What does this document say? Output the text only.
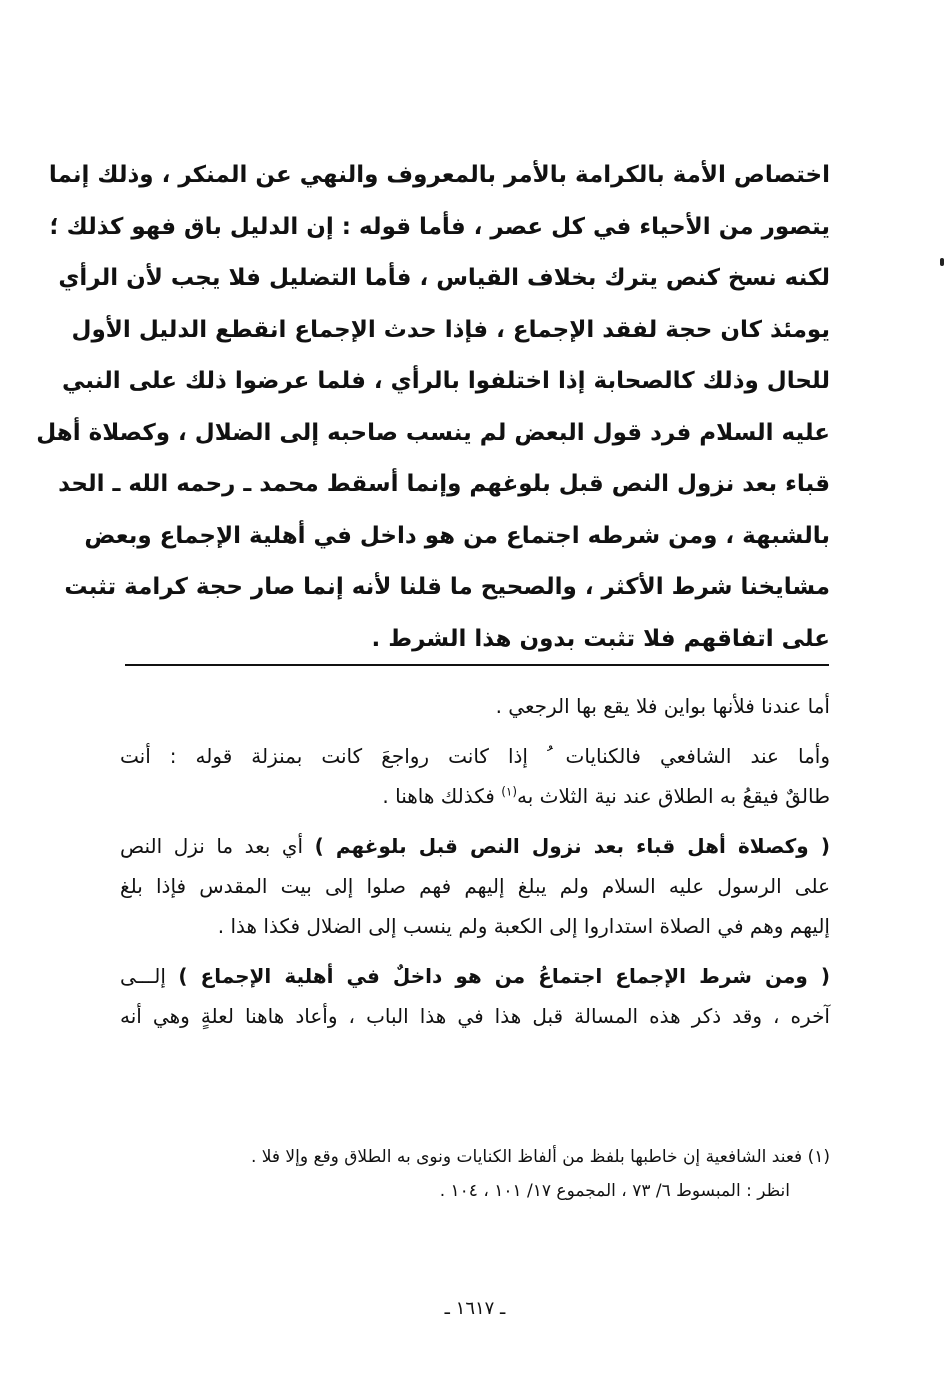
اختصاص الأمة بالكرامة بالأمر بالمعروف والنهي عن المنكر ، وذلك إنما
يتصور من الأحياء في كل عصر ، فأما قوله : إن الدليل باق فهو كذلك ؛
لكنه نسخ كنص يترك بخلاف القياس ، فأما التضليل فلا يجب لأن الرأي
يومئذ كان حجة لفقد الإجماع ، فإذا حدث الإجماع انقطع الدليل الأول
للحال وذلك كالصحابة إذا اختلفوا بالرأي ، فلما عرضوا ذلك على النبي
عليه السلام فرد قول البعض لم ينسب صاحبه إلى الضلال ، وكصلاة أهل
قباء بعد نزول النص قبل بلوغهم وإنما أسقط محمد ـ رحمه الله ـ الحد
بالشبهة ، ومن شرطه اجتماع من هو داخل في أهلية الإجماع وبعض
مشايخنا شرط الأكثر ، والصحيح ما قلنا لأنه إنما صار حجة كرامة تثبت
على اتفاقهم فلا تثبت بدون هذا الشرط .
أما عندنا فلأنها بواين فلا يقع بها الرجعي .
وأما عند الشافعي فالكنايات ُ إذا كانت رواجعَ كانت بمنزلة قوله : أنت
طالقٌ فيقعُ به الطلاق عند نية الثلاث به$^{(١)}$ فكذلك هاهنا .
( وكصلاة أهل قباء بعد نزول النص قبل بلوغهم ) أي بعد ما نزل النص
على الرسول عليه السلام ولم يبلغ إليهم فهم صلوا إلى بيت المقدس فإذا بلغ
إليهم وهم في الصلاة استداروا إلى الكعبة ولم ينسب إلى الضلال فكذا هذا .
( ومن شرط الإجماع اجتماعُ من هو داخلٌ في أهلية الإجماع ) إلـــى
آخره ، وقد ذكر هذه المسالة قبل هذا في هذا الباب ، وأعاد هاهنا لعلةٍ وهي أنه
(١) فعند الشافعية إن خاطبها بلفظ من ألفاظ الكنايات ونوى به الطلاق وقع وإلا فلا .
انظر : المبسوط ٦/ ٧٣ ، المجموع ١٧/ ١٠١ ، ١٠٤ .
ـ ١٦١٧ ـ
